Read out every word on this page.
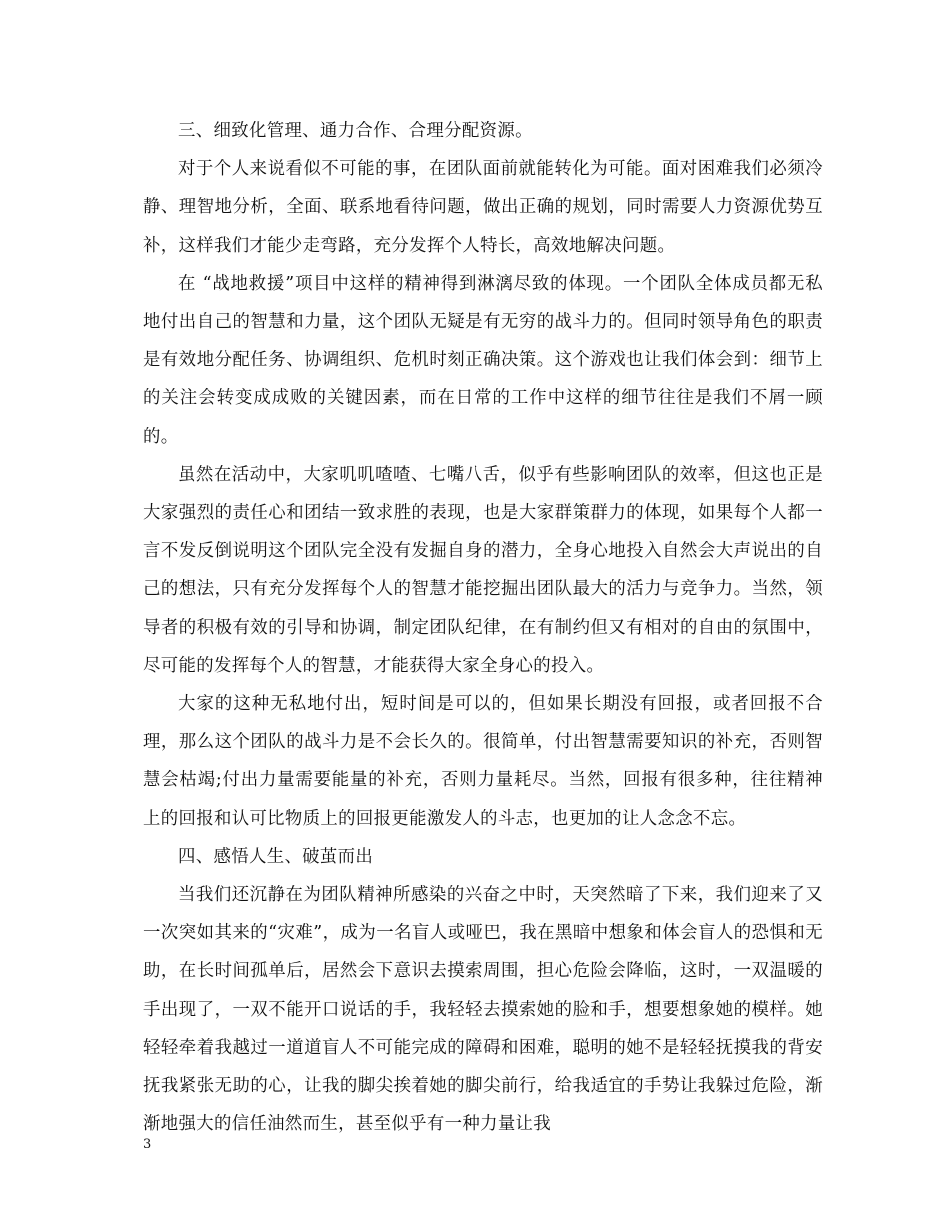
三、细致化管理、通力合作、合理分配资源。

对于个人来说看似不可能的事，在团队面前就能转化为可能。面对困难我们必须冷静、理智地分析，全面、联系地看待问题，做出正确的规划，同时需要人力资源优势互补，这样我们才能少走弯路，充分发挥个人特长，高效地解决问题。

在 “战地救援”项目中这样的精神得到淋漓尽致的体现。一个团队全体成员都无私地付出自己的智慧和力量，这个团队无疑是有无穷的战斗力的。但同时领导角色的职责是有效地分配任务、协调组织、危机时刻正确决策。这个游戏也让我们体会到：细节上的关注会转变成成败的关键因素，而在日常的工作中这样的细节往往是我们不屑一顾的。

虽然在活动中，大家叽叽喳喳、七嘴八舌，似乎有些影响团队的效率，但这也正是大家强烈的责任心和团结一致求胜的表现，也是大家群策群力的体现，如果每个人都一言不发反倒说明这个团队完全没有发掘自身的潜力，全身心地投入自然会大声说出的自己的想法，只有充分发挥每个人的智慧才能挖掘出团队最大的活力与竞争力。当然，领导者的积极有效的引导和协调，制定团队纪律，在有制约但又有相对的自由的氛围中，尽可能的发挥每个人的智慧，才能获得大家全身心的投入。

大家的这种无私地付出，短时间是可以的，但如果长期没有回报，或者回报不合理，那么这个团队的战斗力是不会长久的。很简单，付出智慧需要知识的补充，否则智慧会枯竭;付出力量需要能量的补充，否则力量耗尽。当然，回报有很多种，往往精神上的回报和认可比物质上的回报更能激发人的斗志，也更加的让人念念不忘。

四、感悟人生、破茧而出

当我们还沉静在为团队精神所感染的兴奋之中时，天突然暗了下来，我们迎来了又一次突如其来的“灾难”，成为一名盲人或哑巴，我在黑暗中想象和体会盲人的恐惧和无助，在长时间孤单后，居然会下意识去摸索周围，担心危险会降临，这时，一双温暖的手出现了，一双不能开口说话的手，我轻轻去摸索她的脸和手，想要想象她的模样。她轻轻牵着我越过一道道盲人不可能完成的障碍和困难，聪明的她不是轻轻抚摸我的背安抚我紧张无助的心，让我的脚尖挨着她的脚尖前行，给我适宜的手势让我躲过危险，渐渐地强大的信任油然而生，甚至似乎有一种力量让我

3
